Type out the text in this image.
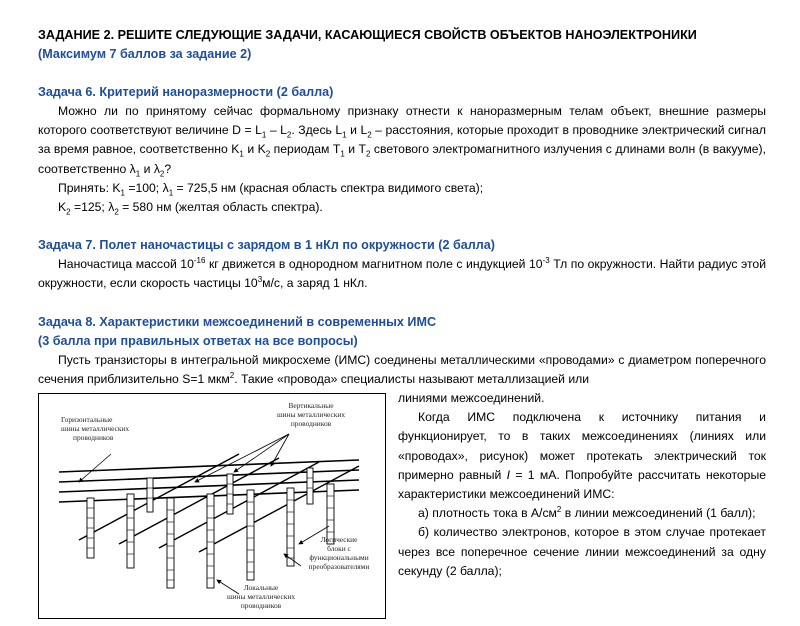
ЗАДАНИЕ 2. РЕШИТЕ СЛЕДУЮЩИЕ ЗАДАЧИ, КАСАЮЩИЕСЯ СВОЙСТВ ОБЪЕКТОВ НАНОЭЛЕКТРОНИКИ
(Максимум 7 баллов за задание 2)
Задача 6. Критерий наноразмерности (2 балла)

Можно ли по принятому сейчас формальному признаку отнести к наноразмерным телам объект, внешние размеры которого соответствуют величине $D = L_1 - L_2$. Здесь $L_1$ и $L_2$ – расстояния, которые проходит в проводнике электрический сигнал за время равное, соответственно $K_1$ и $K_2$ периодам $T_1$ и $T_2$ светового электромагнитного излучения с длинами волн (в вакууме), соответственно $\lambda_1$ и $\lambda_2$?

Принять: $K_1 =100$; $\lambda_1 = 725,5$ нм (красная область спектра видимого света);

$K_2 =125$; $\lambda_2 = 580$ нм (желтая область спектра).

Задача 7. Полет наночастицы с зарядом в 1 нКл по окружности (2 балла)

Наночастица массой $10^{-16}$ кг движется в однородном магнитном поле с индукцией $10^{-3}$ Тл по окружности. Найти радиус этой окружности, если скорость частицы $10^3м/с$, а заряд 1 нКл.

Задача 8. Характеристики межсоединений в современных ИМС
(3 балла при правильных ответах на все вопросы)

Пусть транзисторы в интегральной микросхеме (ИМС) соединены металлическими «проводами» с диаметром поперечного сечения приблизительно S=1 мкм$^2$. Такие «провода» специалисты называют металлизацией или

Горизонтальные
шины металлических
проводников
Вертикальные
шины металлических
проводников
Логические
блоки с
функциональными
преобразователями
Локальные
шины металлических
проводников

линиями межсоединений.

Когда ИМС подключена к источнику питания и функционирует, то в таких межсоединениях (линиях или «проводах», рисунок) может протекать электрический ток примерно равный I = 1 мА. Попробуйте рассчитать некоторые характеристики межсоединений ИМС:

а) плотность тока в $А/см^2$ в линии межсоединений (1 балл);

б) количество электронов, которое в этом случае протекает через все поперечное сечение линии межсоединений за одну секунду (2 балла);
